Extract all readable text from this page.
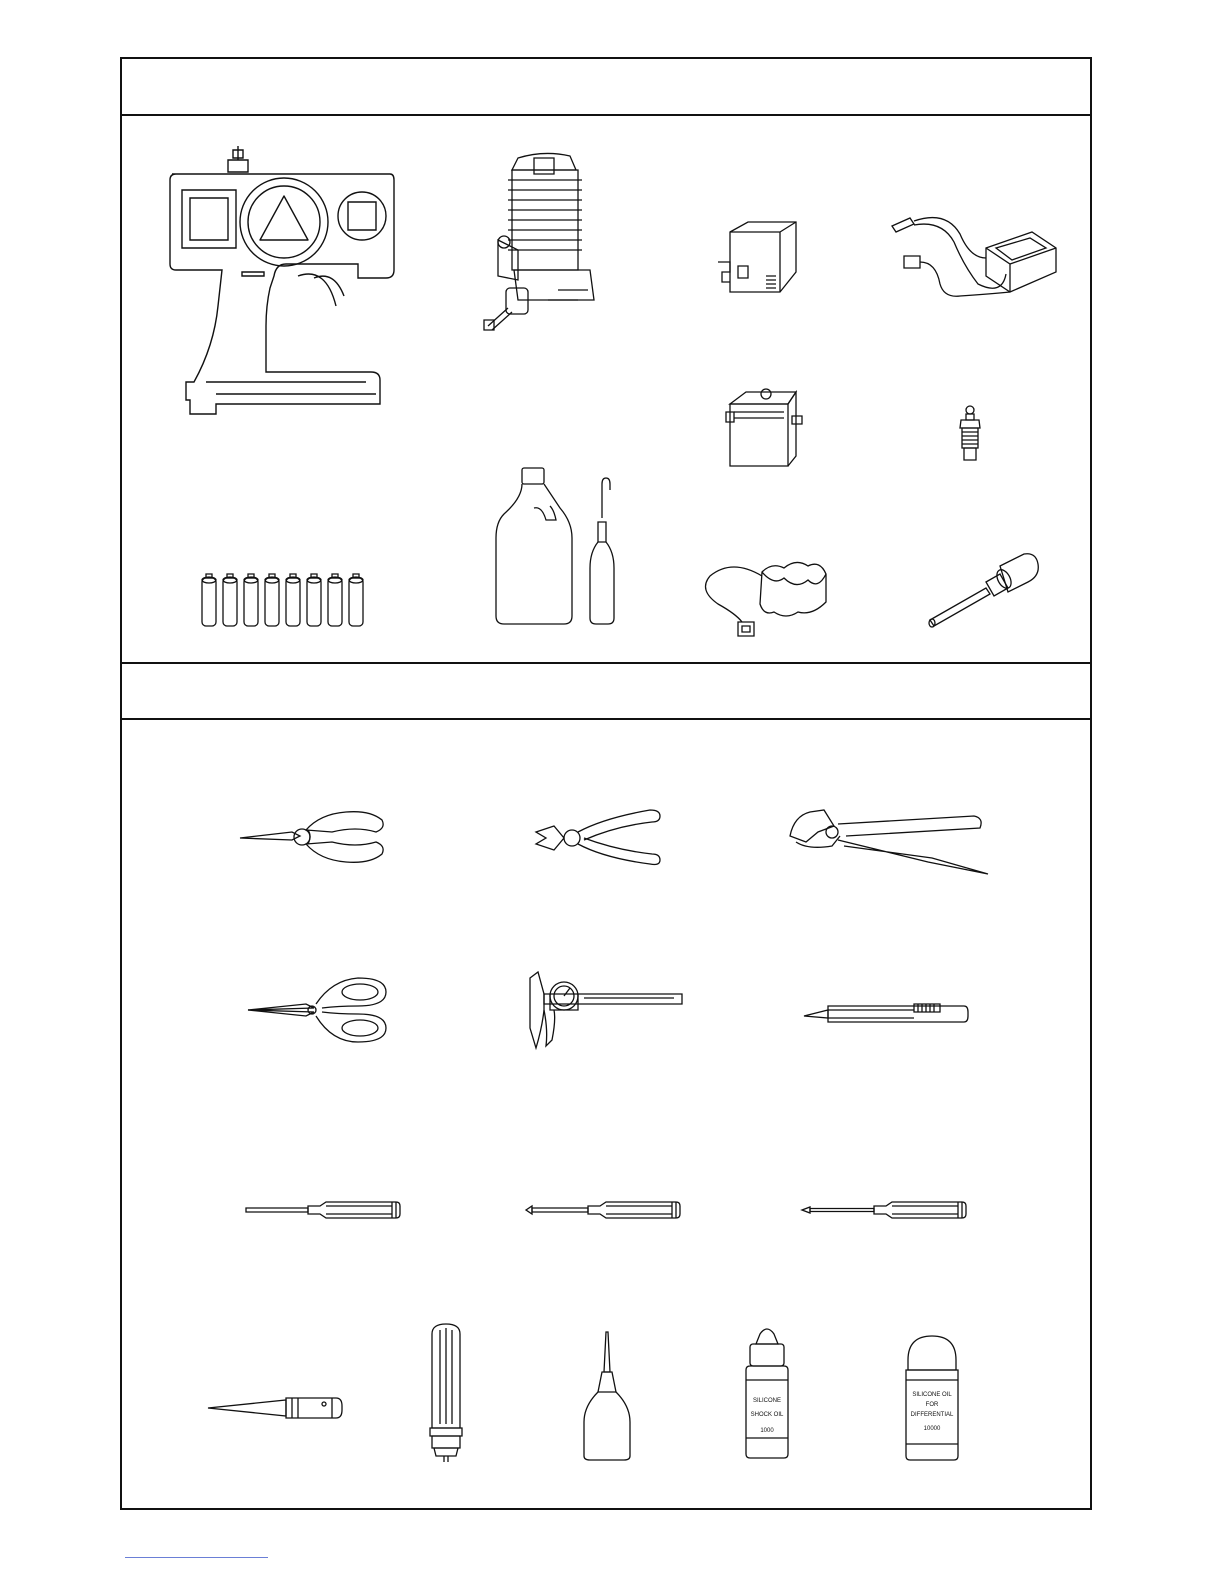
SILICONE
SHOCK OIL
1000
SILICONE OIL
FOR
DIFFERENTIAL
10000
